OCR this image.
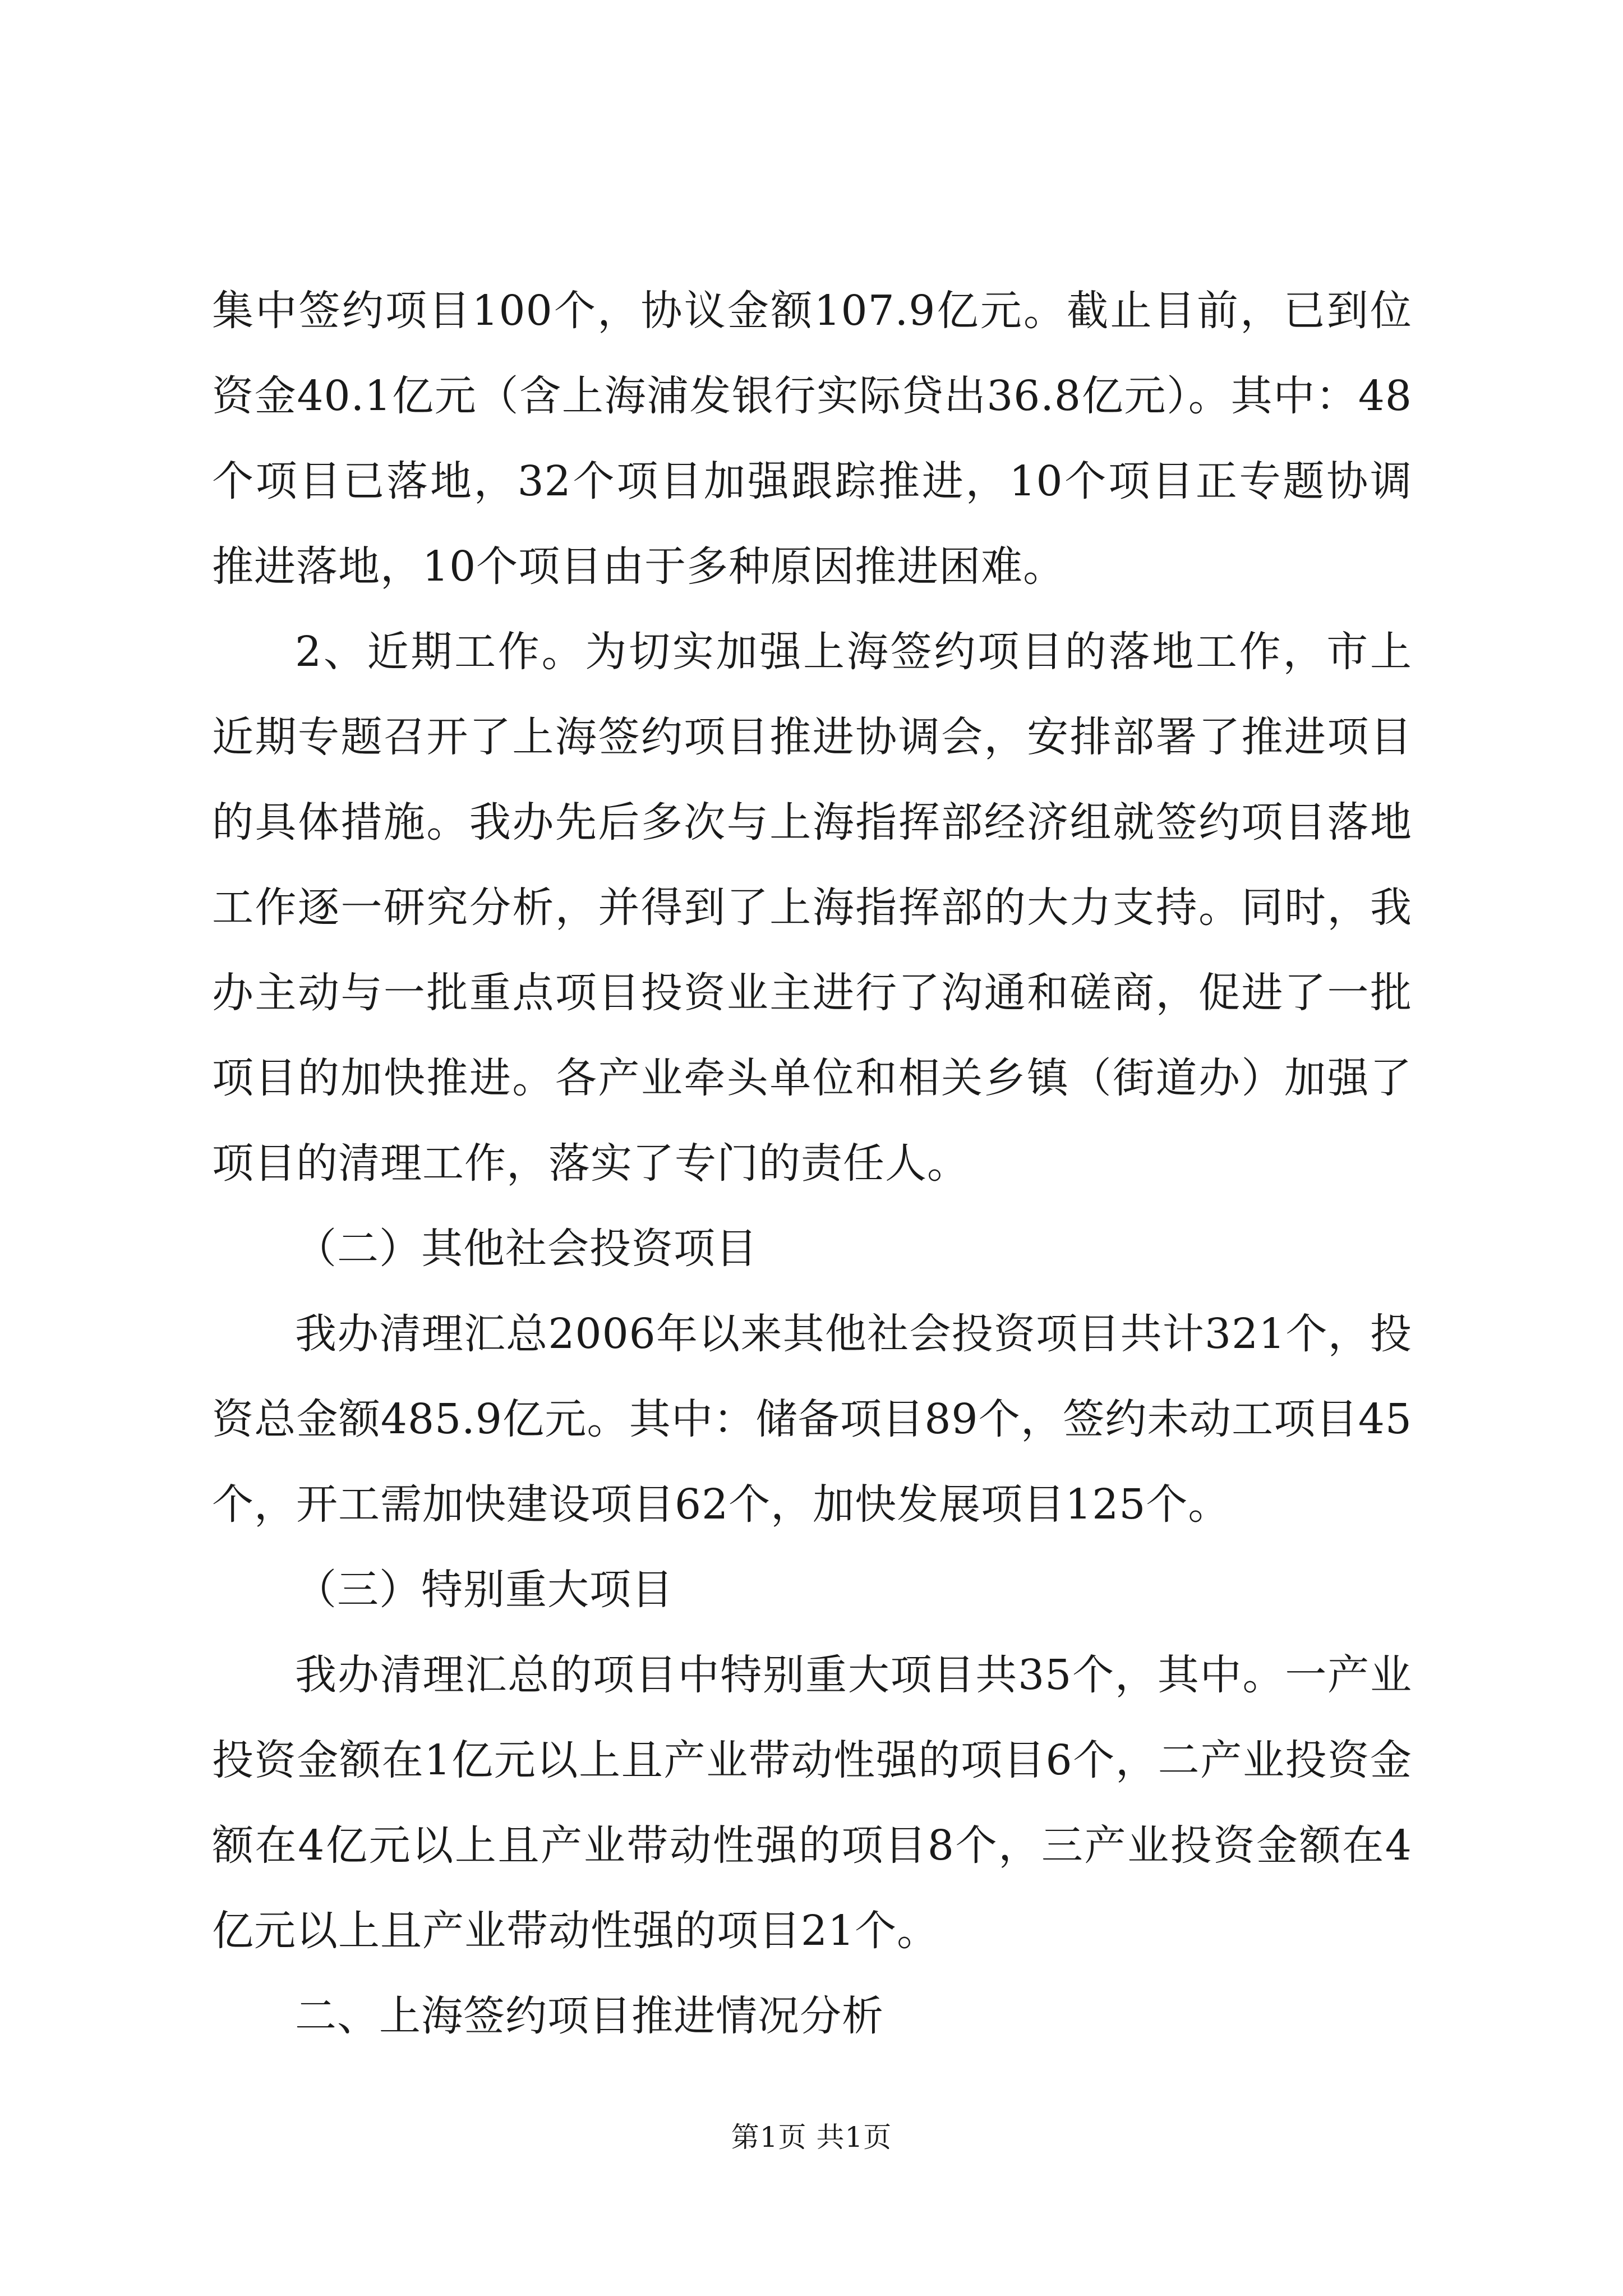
集中签约项目100个，协议金额107.9亿元。截止目前，已到位资金40.1亿元（含上海浦发银行实际贷出36.8亿元）。其中：48个项目已落地，32个项目加强跟踪推进，10个项目正专题协调推进落地，10个项目由于多种原因推进困难。

2、近期工作。为切实加强上海签约项目的落地工作，市上近期专题召开了上海签约项目推进协调会，安排部署了推进项目的具体措施。我办先后多次与上海指挥部经济组就签约项目落地工作逐一研究分析，并得到了上海指挥部的大力支持。同时，我办主动与一批重点项目投资业主进行了沟通和磋商，促进了一批项目的加快推进。各产业牵头单位和相关乡镇（街道办）加强了项目的清理工作，落实了专门的责任人。

（二）其他社会投资项目

我办清理汇总2006年以来其他社会投资项目共计321个，投资总金额485.9亿元。其中：储备项目89个，签约未动工项目45个，开工需加快建设项目62个，加快发展项目125个。

（三）特别重大项目

我办清理汇总的项目中特别重大项目共35个，其中。一产业投资金额在1亿元以上且产业带动性强的项目6个，二产业投资金额在4亿元以上且产业带动性强的项目8个，三产业投资金额在4亿元以上且产业带动性强的项目21个。

二、上海签约项目推进情况分析

第1页 共1页
